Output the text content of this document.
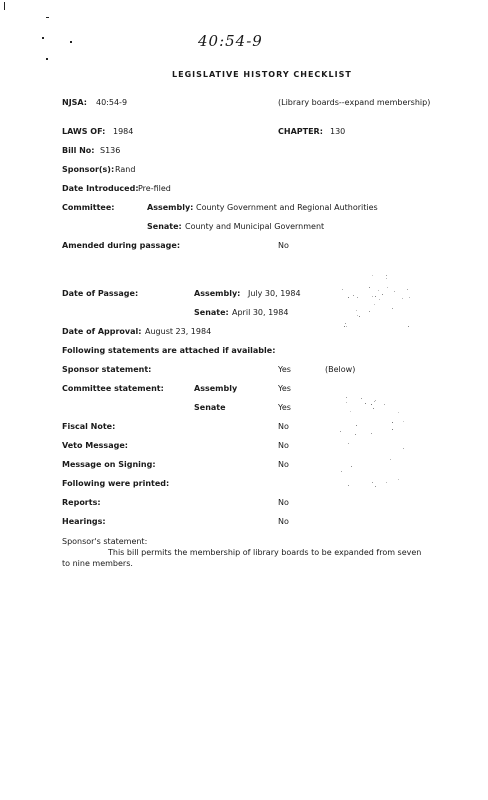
40:54-9
LEGISLATIVE HISTORY CHECKLIST
NJSA: 40:54-9	(Library boards--expand membership)
LAWS OF: 1984	CHAPTER: 130
Bill No: S136
Sponsor(s): Rand
Date Introduced: Pre-filed
Committee:	Assembly: County Government and Regional Authorities
Senate: County and Municipal Government
Amended during passage:	No
Date of Passage:	Assembly: July 30, 1984
Senate: April 30, 1984
Date of Approval: August 23, 1984
Following statements are attached if available:
Sponsor statement:	Yes	(Below)
Committee statement:	Assembly	Yes
Senate	Yes
Fiscal Note:	No
Veto Message:	No
Message on Signing:	No
Following were printed:
Reports:	No
Hearings:	No
Sponsor's statement:
This bill permits the membership of library boards to be expanded from seven
to nine members.
